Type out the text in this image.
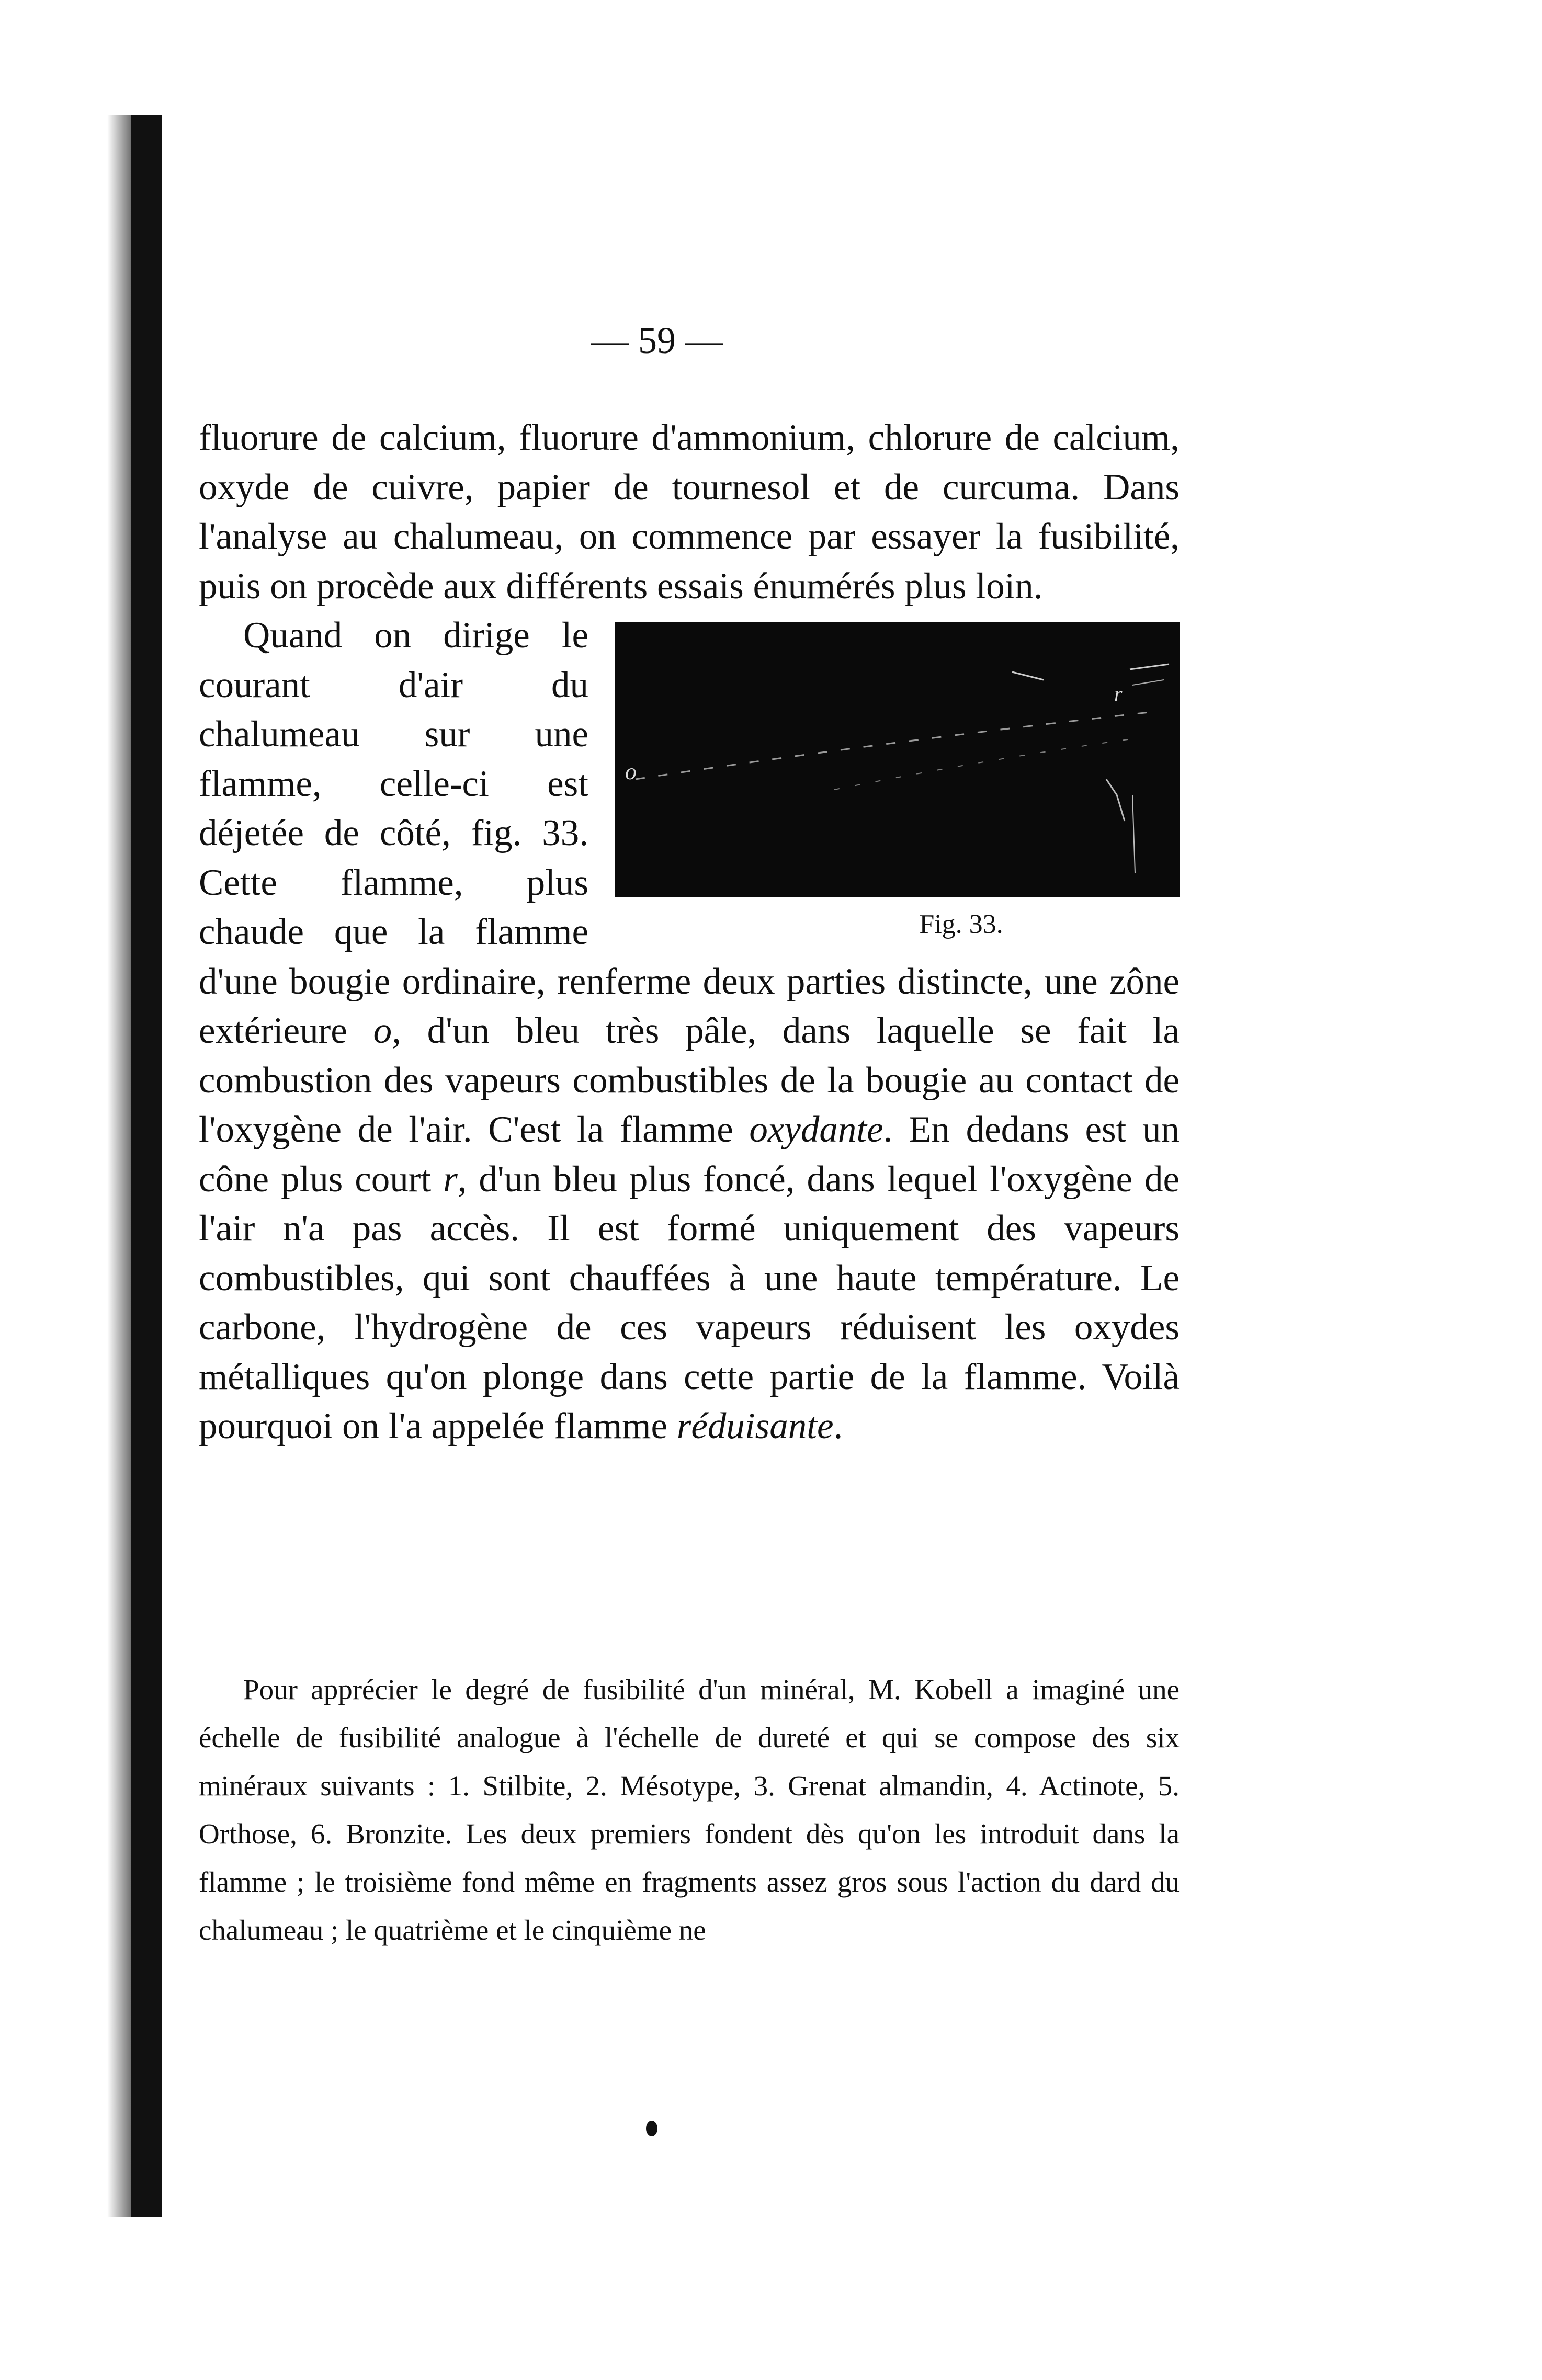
— 59 —

fluorure de calcium, fluorure d'ammonium, chlorure de calcium, oxyde de cuivre, papier de tournesol et de curcuma. Dans l'analyse au chalumeau, on commence par essayer la fusibilité, puis on procède aux différents essais énumérés plus loin.

o
r
Fig. 33.
Quand on dirige le courant d'air du chalumeau sur une flamme, celle-ci est déjetée de côté, fig. 33. Cette flamme, plus chaude que la flamme d'une bougie ordinaire, renferme deux parties distincte, une zône extérieure o, d'un bleu très pâle, dans laquelle se fait la combustion des vapeurs combustibles de la bougie au contact de l'oxygène de l'air. C'est la flamme oxydante. En dedans est un cône plus court r, d'un bleu plus foncé, dans lequel l'oxygène de l'air n'a pas accès. Il est formé uniquement des vapeurs combustibles, qui sont chauffées à une haute température. Le carbone, l'hydrogène de ces vapeurs réduisent les oxydes métalliques qu'on plonge dans cette partie de la flamme. Voilà pourquoi on l'a appelée flamme réduisante.

Pour apprécier le degré de fusibilité d'un minéral, M. Kobell a imaginé une échelle de fusibilité analogue à l'échelle de dureté et qui se compose des six minéraux suivants : 1. Stilbite, 2. Mésotype, 3. Grenat almandin, 4. Actinote, 5. Orthose, 6. Bronzite. Les deux premiers fondent dès qu'on les introduit dans la flamme ; le troisième fond même en fragments assez gros sous l'action du dard du chalumeau ; le quatrième et le cinquième ne
